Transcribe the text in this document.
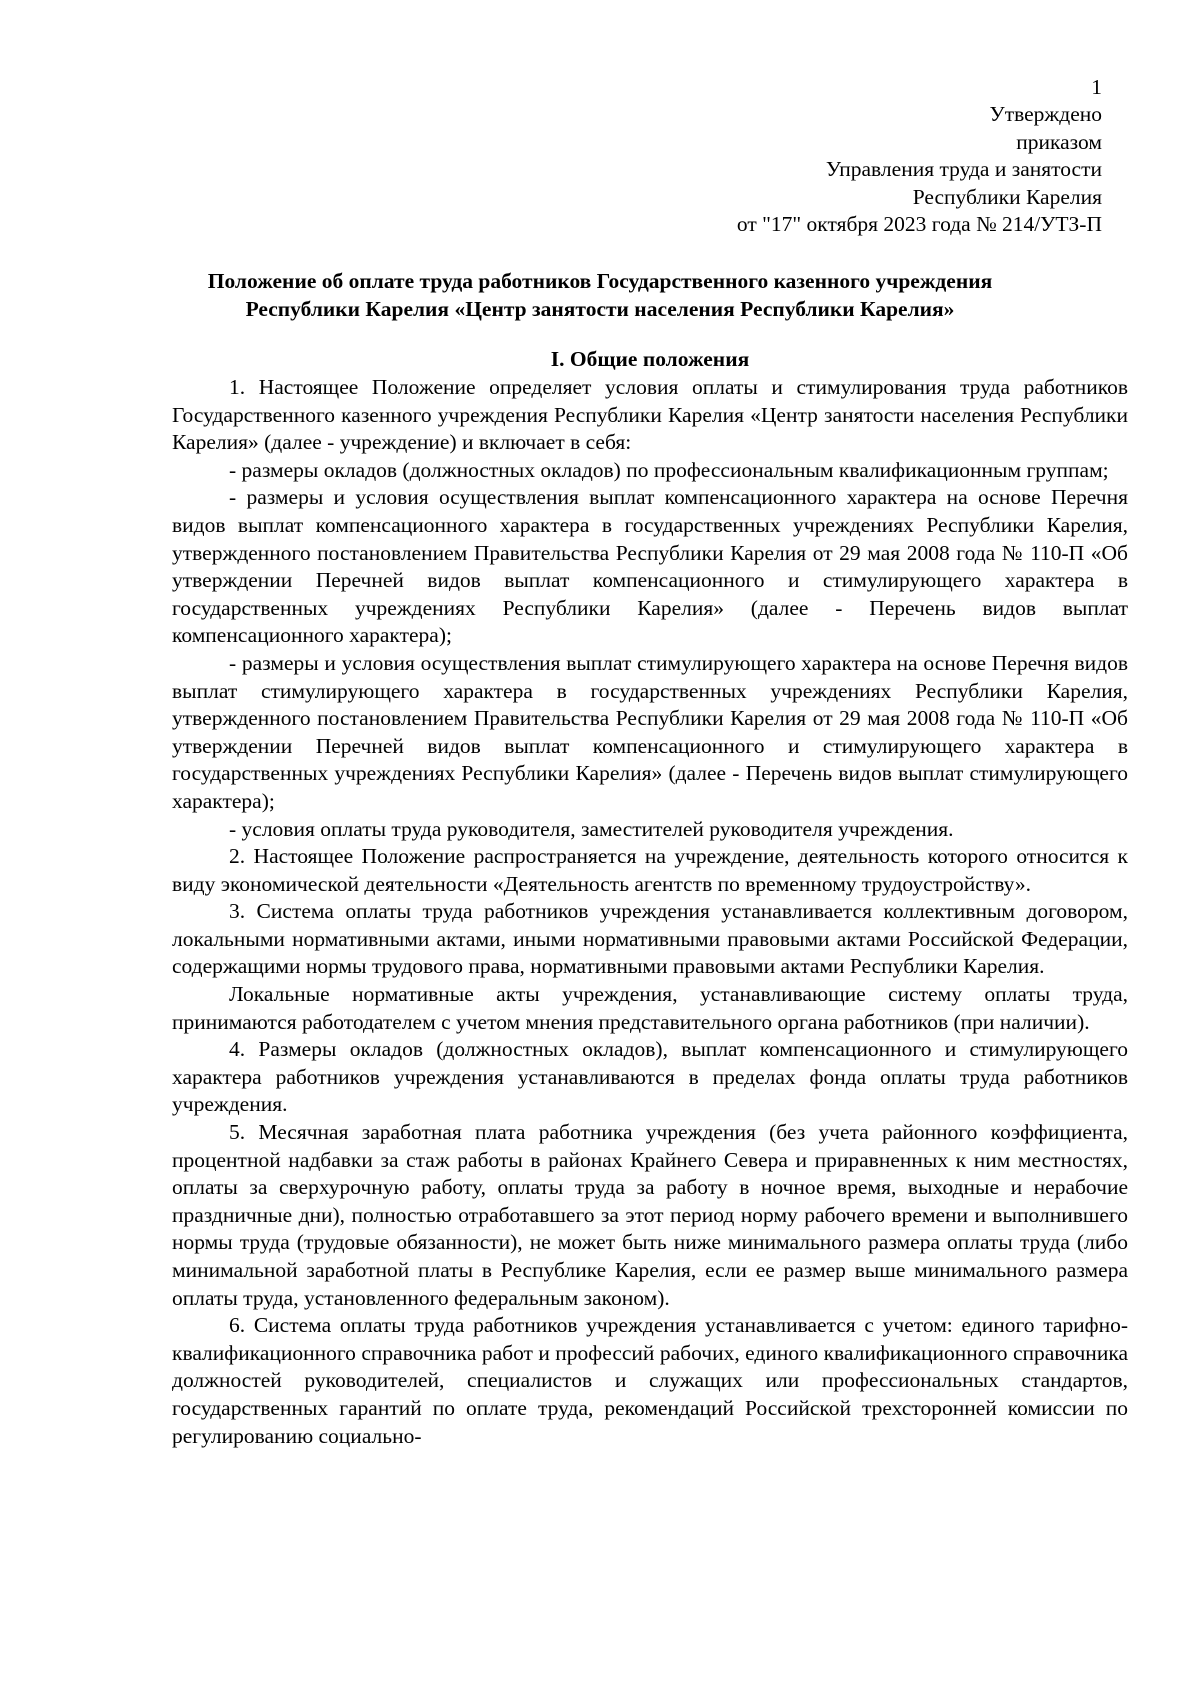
1

Утверждено

приказом

Управления труда и занятости

Республики Карелия

от "17" октября 2023 года № 214/УТЗ-П

Положение об оплате труда работников Государственного казенного учреждения Республики Карелия «Центр занятости населения Республики Карелия»
I. Общие положения

1. Настоящее Положение определяет условия оплаты и стимулирования труда работников Государственного казенного учреждения Республики Карелия «Центр занятости населения Республики Карелия» (далее - учреждение) и включает в себя:

- размеры окладов (должностных окладов) по профессиональным квалификационным группам;

- размеры и условия осуществления выплат компенсационного характера на основе Перечня видов выплат компенсационного характера в государственных учреждениях Республики Карелия, утвержденного постановлением Правительства Республики Карелия от 29 мая 2008 года № 110-П «Об утверждении Перечней видов выплат компенсационного и стимулирующего характера в государственных учреждениях Республики Карелия» (далее - Перечень видов выплат компенсационного характера);

- размеры и условия осуществления выплат стимулирующего характера на основе Перечня видов выплат стимулирующего характера в государственных учреждениях Республики Карелия, утвержденного постановлением Правительства Республики Карелия от 29 мая 2008 года № 110-П «Об утверждении Перечней видов выплат компенсационного и стимулирующего характера в государственных учреждениях Республики Карелия» (далее - Перечень видов выплат стимулирующего характера);

- условия оплаты труда руководителя, заместителей руководителя учреждения.

2. Настоящее Положение распространяется на учреждение, деятельность которого относится к виду экономической деятельности «Деятельность агентств по временному трудоустройству».

3. Система оплаты труда работников учреждения устанавливается коллективным договором, локальными нормативными актами, иными нормативными правовыми актами Российской Федерации, содержащими нормы трудового права, нормативными правовыми актами Республики Карелия.

Локальные нормативные акты учреждения, устанавливающие систему оплаты труда, принимаются работодателем с учетом мнения представительного органа работников (при наличии).

4. Размеры окладов (должностных окладов), выплат компенсационного и стимулирующего характера работников учреждения устанавливаются в пределах фонда оплаты труда работников учреждения.

5. Месячная заработная плата работника учреждения (без учета районного коэффициента, процентной надбавки за стаж работы в районах Крайнего Севера и приравненных к ним местностях, оплаты за сверхурочную работу, оплаты труда за работу в ночное время, выходные и нерабочие праздничные дни), полностью отработавшего за этот период норму рабочего времени и выполнившего нормы труда (трудовые обязанности), не может быть ниже минимального размера оплаты труда (либо минимальной заработной платы в Республике Карелия, если ее размер выше минимального размера оплаты труда, установленного федеральным законом).

6. Система оплаты труда работников учреждения устанавливается с учетом: единого тарифно-квалификационного справочника работ и профессий рабочих, единого квалификационного справочника должностей руководителей, специалистов и служащих или профессиональных стандартов, государственных гарантий по оплате труда, рекомендаций Российской трехсторонней комиссии по регулированию социально-
